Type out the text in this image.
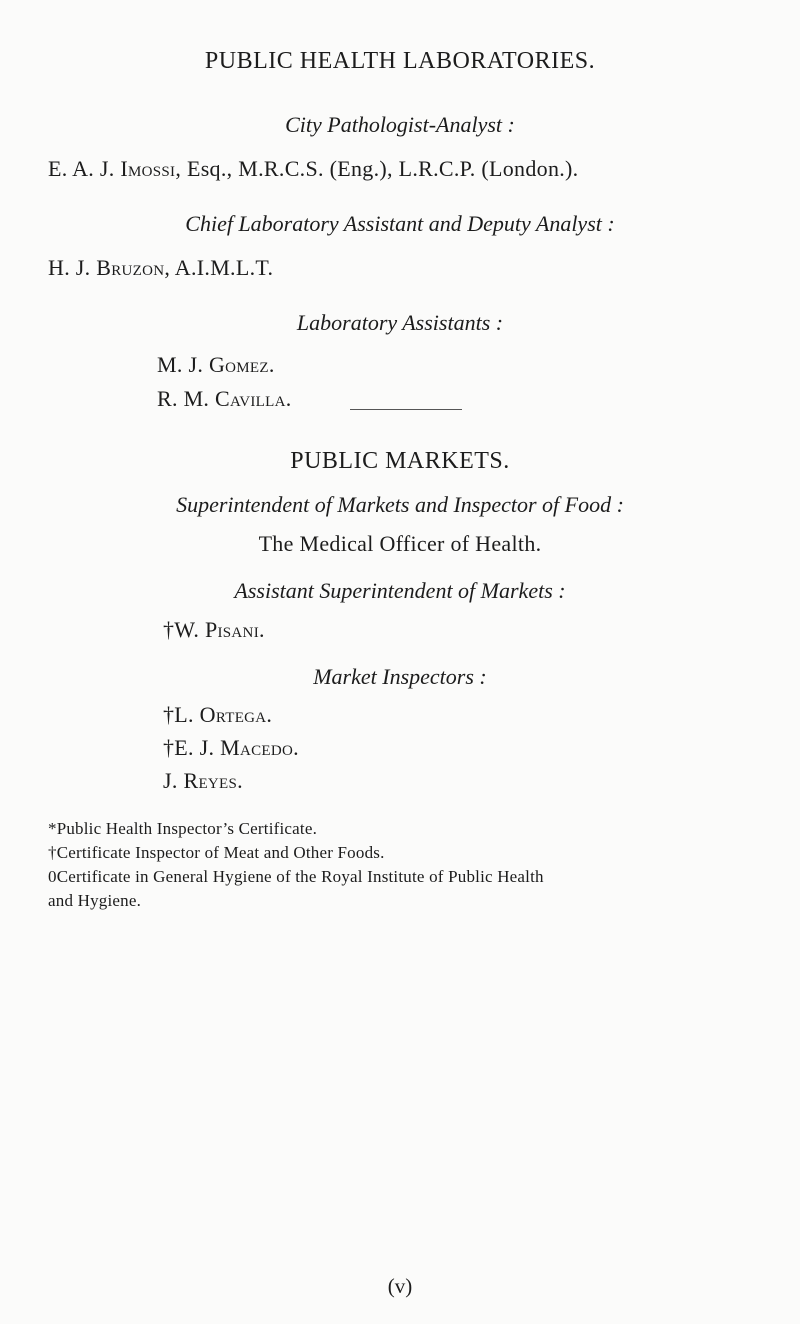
PUBLIC HEALTH LABORATORIES.
City Pathologist-Analyst :
E. A. J. Imossi, Esq., M.R.C.S. (Eng.), L.R.C.P. (London.).
Chief Laboratory Assistant and Deputy Analyst :
H. J. Bruzon, A.I.M.L.T.
Laboratory Assistants :
M. J. Gomez.
R. M. Cavilla.
PUBLIC MARKETS.
Superintendent of Markets and Inspector of Food :
The Medical Officer of Health.
Assistant Superintendent of Markets :
†W. Pisani.
Market Inspectors :
†L. Ortega.
†E. J. Macedo.
J. Reyes.
*Public Health Inspector’s Certificate.
†Certificate Inspector of Meat and Other Foods.
0Certificate in General Hygiene of the Royal Institute of Public Health
and Hygiene.
(v)
